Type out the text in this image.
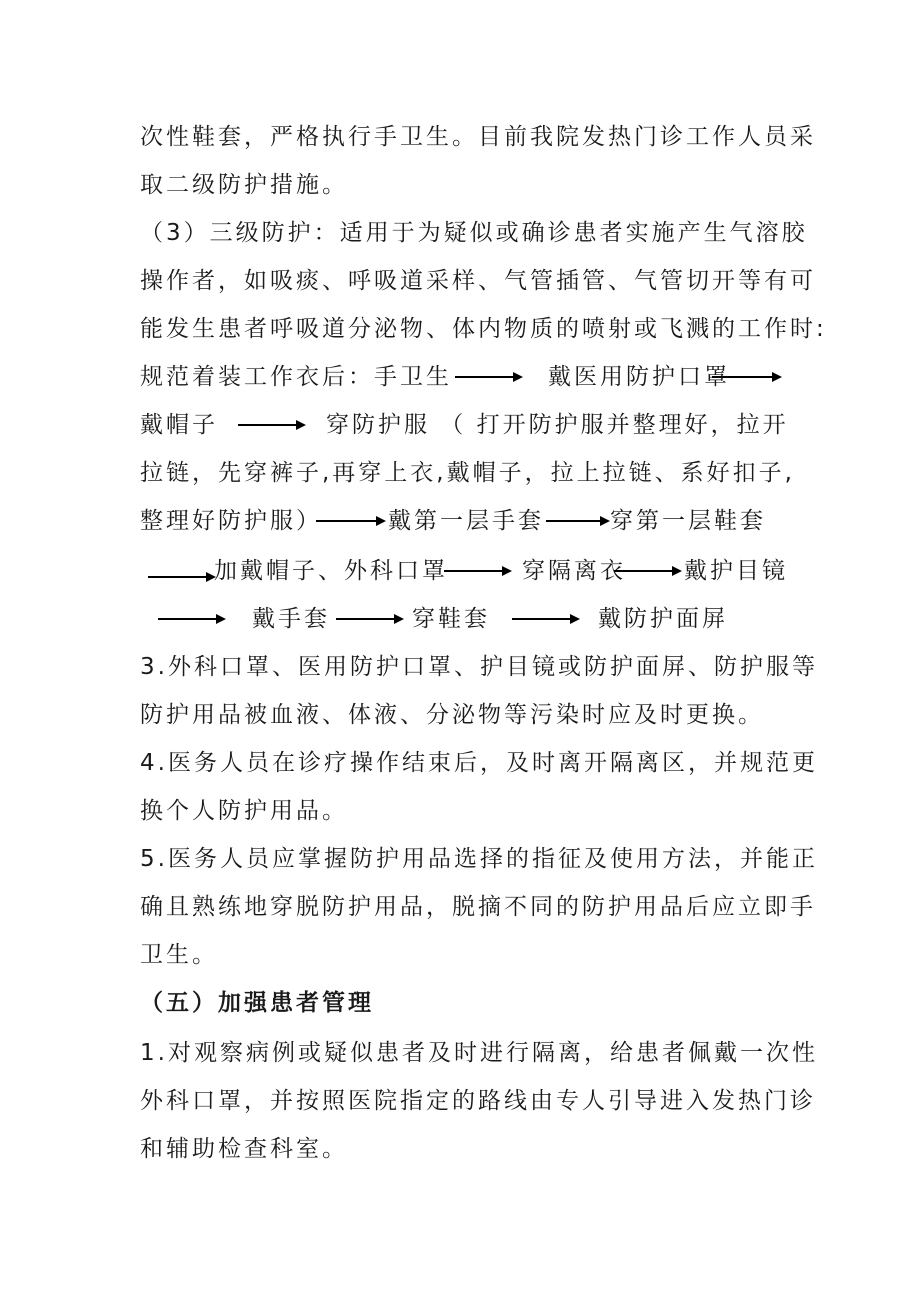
次性鞋套，严格执行手卫生。目前我院发热门诊工作人员采
取二级防护措施。
（3）三级防护：适用于为疑似或确诊患者实施产生气溶胶
操作者，如吸痰、呼吸道采样、气管插管、气管切开等有可
能发生患者呼吸道分泌物、体内物质的喷射或飞溅的工作时:
规范着装工作衣后：手卫生	戴医用防护口罩
戴帽子	穿防护服 （ 打开防护服并整理好，拉开
拉链，先穿裤子,再穿上衣,戴帽子，拉上拉链、系好扣子,
整理好防护服）	戴第一层手套	穿第一层鞋套
加戴帽子、外科口罩	穿隔离衣	戴护目镜
戴手套	穿鞋套	戴防护面屏
3.外科口罩、医用防护口罩、护目镜或防护面屏、防护服等
防护用品被血液、体液、分泌物等污染时应及时更换。
4.医务人员在诊疗操作结束后，及时离开隔离区，并规范更
换个人防护用品。
5.医务人员应掌握防护用品选择的指征及使用方法，并能正
确且熟练地穿脱防护用品，脱摘不同的防护用品后应立即手
卫生。
（五）加强患者管理
1.对观察病例或疑似患者及时进行隔离，给患者佩戴一次性
外科口罩，并按照医院指定的路线由专人引导进入发热门诊
和辅助检查科室。
